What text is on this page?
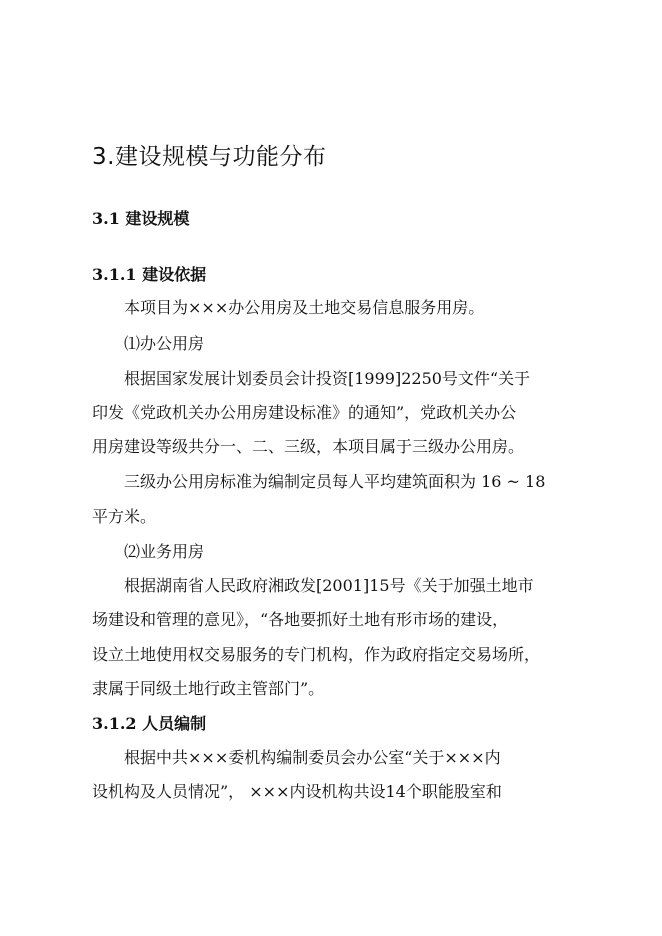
3.建设规模与功能分布
3.1 建设规模
3.1.1 建设依据
本项目为×××办公用房及土地交易信息服务用房。
⑴办公用房
根据国家发展计划委员会计投资[1999]2250号文件“关于
印发《党政机关办公用房建设标准》的通知”，党政机关办公
用房建设等级共分一、二、三级，本项目属于三级办公用房。
三级办公用房标准为编制定员每人平均建筑面积为 16 ~ 18
平方米。
⑵业务用房
根据湖南省人民政府湘政发[2001]15号《关于加强土地市
场建设和管理的意见》，“各地要抓好土地有形市场的建设，
设立土地使用权交易服务的专门机构，作为政府指定交易场所，
隶属于同级土地行政主管部门”。
3.1.2 人员编制
根据中共×××委机构编制委员会办公室“关于×××内
设机构及人员情况”， ×××内设机构共设14个职能股室和
